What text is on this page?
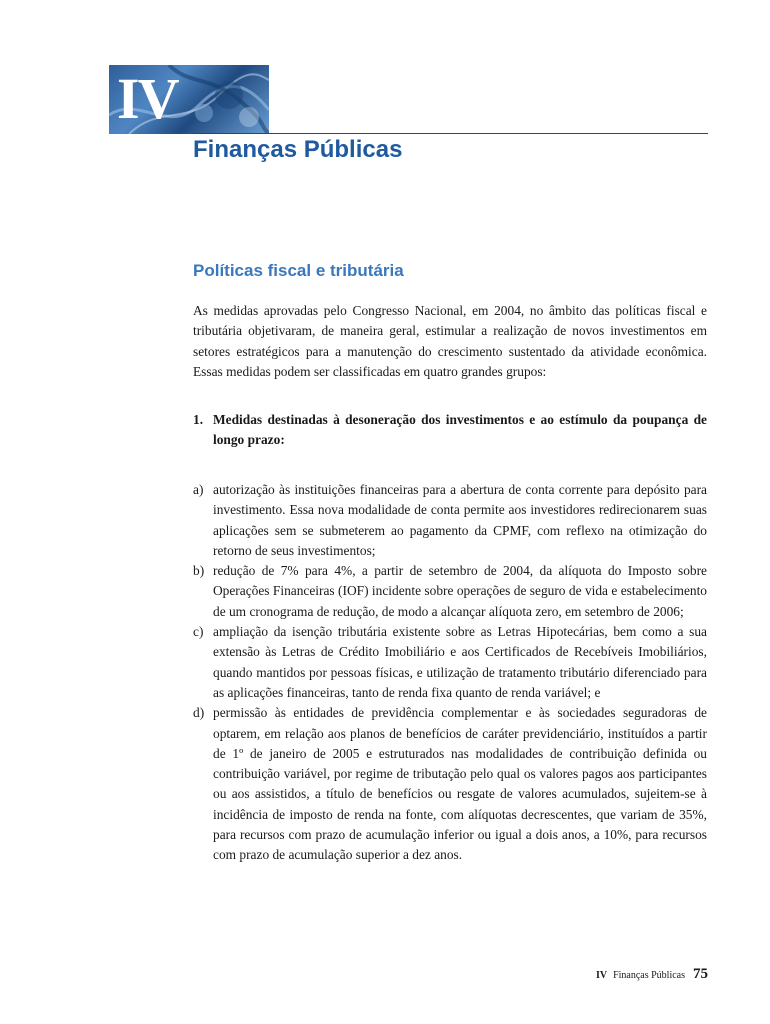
IV
Finanças Públicas
Políticas fiscal e tributária

As medidas aprovadas pelo Congresso Nacional, em 2004, no âmbito das políticas fiscal e tributária objetivaram, de maneira geral, estimular a realização de novos investimentos em setores estratégicos para a manutenção do crescimento sustentado da atividade econômica. Essas medidas podem ser classificadas em quatro grandes grupos:

1. Medidas destinadas à desoneração dos investimentos e ao estímulo da poupança de longo prazo:
a) autorização às instituições financeiras para a abertura de conta corrente para depósito para investimento. Essa nova modalidade de conta permite aos investidores redirecionarem suas aplicações sem se submeterem ao pagamento da CPMF, com reflexo na otimização do retorno de seus investimentos;
b) redução de 7% para 4%, a partir de setembro de 2004, da alíquota do Imposto sobre Operações Financeiras (IOF) incidente sobre operações de seguro de vida e estabelecimento de um cronograma de redução, de modo a alcançar alíquota zero, em setembro de 2006;
c) ampliação da isenção tributária existente sobre as Letras Hipotecárias, bem como a sua extensão às Letras de Crédito Imobiliário e aos Certificados de Recebíveis Imobiliários, quando mantidos por pessoas físicas, e utilização de tratamento tributário diferenciado para as aplicações financeiras, tanto de renda fixa quanto de renda variável; e
d) permissão às entidades de previdência complementar e às sociedades seguradoras de optarem, em relação aos planos de benefícios de caráter previdenciário, instituídos a partir de 1º de janeiro de 2005 e estruturados nas modalidades de contribuição definida ou contribuição variável, por regime de tributação pelo qual os valores pagos aos participantes ou aos assistidos, a título de benefícios ou resgate de valores acumulados, sujeitem-se à incidência de imposto de renda na fonte, com alíquotas decrescentes, que variam de 35%, para recursos com prazo de acumulação inferior ou igual a dois anos, a 10%, para recursos com prazo de acumulação superior a dez anos.
IV Finanças Públicas 75
